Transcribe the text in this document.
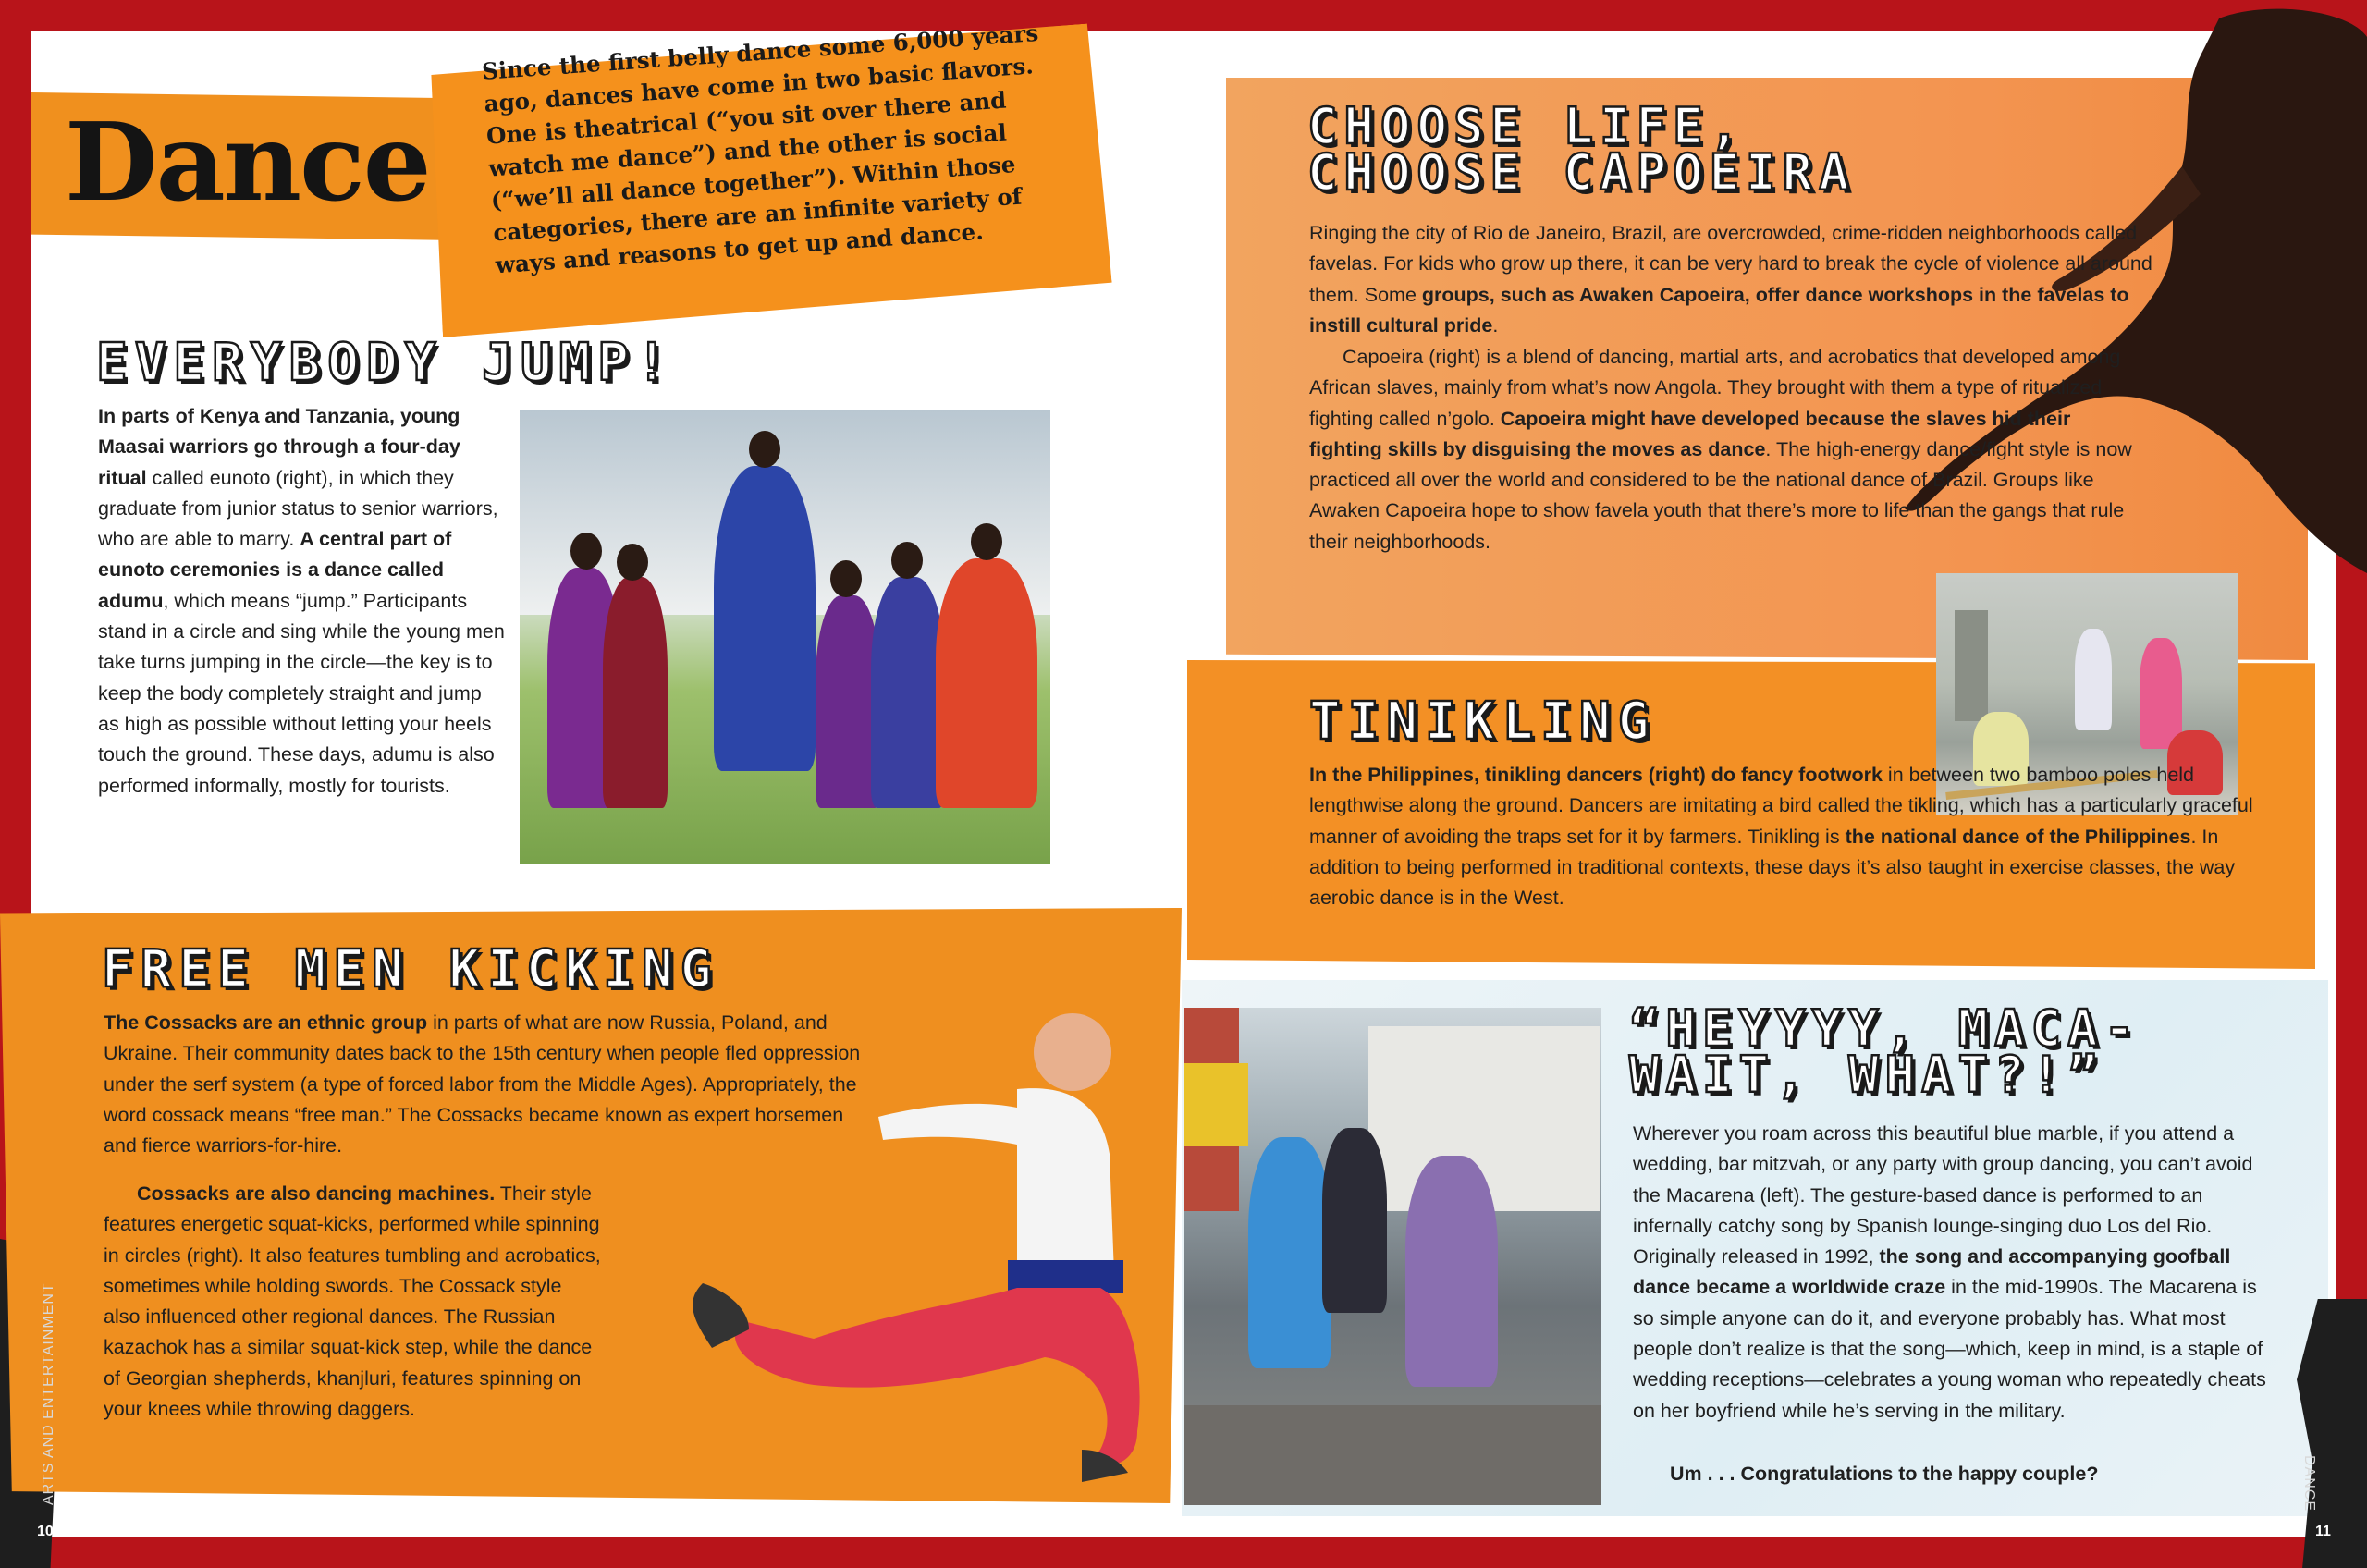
Dance
Since the first belly dance some 6,000 years ago, dances have come in two basic flavors. One is theatrical (“you sit over there and watch me dance”) and the other is social (“we’ll all dance together”). Within those categories, there are an infinite variety of ways and reasons to get up and dance.
EVERYBODY JUMP!
In parts of Kenya and Tanzania, young Maasai warriors go through a four-day ritual called eunoto (right), in which they graduate from junior status to senior warriors, who are able to marry. A central part of eunoto ceremonies is a dance called adumu, which means “jump.” Participants stand in a circle and sing while the young men take turns jumping in the circle—the key is to keep the body completely straight and jump as high as possible without letting your heels touch the ground. These days, adumu is also performed informally, mostly for tourists.
CHOOSE LIFE,
CHOOSE CAPOEIRA
Ringing the city of Rio de Janeiro, Brazil, are overcrowded, crime-ridden neighborhoods called favelas. For kids who grow up there, it can be very hard to break the cycle of violence all around them. Some groups, such as Awaken Capoeira, offer dance workshops in the favelas to instill cultural pride.
Capoeira (right) is a blend of dancing, martial arts, and acrobatics that developed among African slaves, mainly from what’s now Angola. They brought with them a type of ritualized fighting called n’golo. Capoeira might have developed because the slaves hid their fighting skills by disguising the moves as dance. The high-energy dance/fight style is now practiced all over the world and considered to be the national dance of Brazil. Groups like Awaken Capoeira hope to show favela youth that there’s more to life than the gangs that rule their neighborhoods.
TINIKLING
In the Philippines, tinikling dancers (right) do fancy footwork in between two bamboo poles held lengthwise along the ground. Dancers are imitating a bird called the tikling, which has a particularly graceful manner of avoiding the traps set for it by farmers. Tinikling is the national dance of the Philippines. In addition to being performed in traditional contexts, these days it’s also taught in exercise classes, the way aerobic dance is in the West.
FREE MEN KICKING
The Cossacks are an ethnic group in parts of what are now Russia, Poland, and Ukraine. Their community dates back to the 15th century when people fled oppression under the serf system (a type of forced labor from the Middle Ages). Appropriately, the word cossack means “free man.” The Cossacks became known as expert horsemen and fierce warriors-for-hire.
Cossacks are also dancing machines. Their style features energetic squat-kicks, performed while spinning in circles (right). It also features tumbling and acrobatics, sometimes while holding swords. The Cossack style also influenced other regional dances. The Russian kazachok has a similar squat-kick step, while the dance of Georgian shepherds, khanjluri, features spinning on your knees while throwing daggers.
“HEYYYY, MACA-
WAIT, WHAT?!”
Wherever you roam across this beautiful blue marble, if you attend a wedding, bar mitzvah, or any party with group dancing, you can’t avoid the Macarena (left). The gesture-based dance is performed to an infernally catchy song by Spanish lounge-singing duo Los del Rio. Originally released in 1992, the song and accompanying goofball dance became a worldwide craze in the mid-1990s. The Macarena is so simple anyone can do it, and everyone probably has. What most people don’t realize is that the song—which, keep in mind, is a staple of wedding receptions—celebrates a young woman who repeatedly cheats on her boyfriend while he’s serving in the military.
Um . . . Congratulations to the happy couple?
10	11
ARTS AND ENTERTAINMENT	DANCE
